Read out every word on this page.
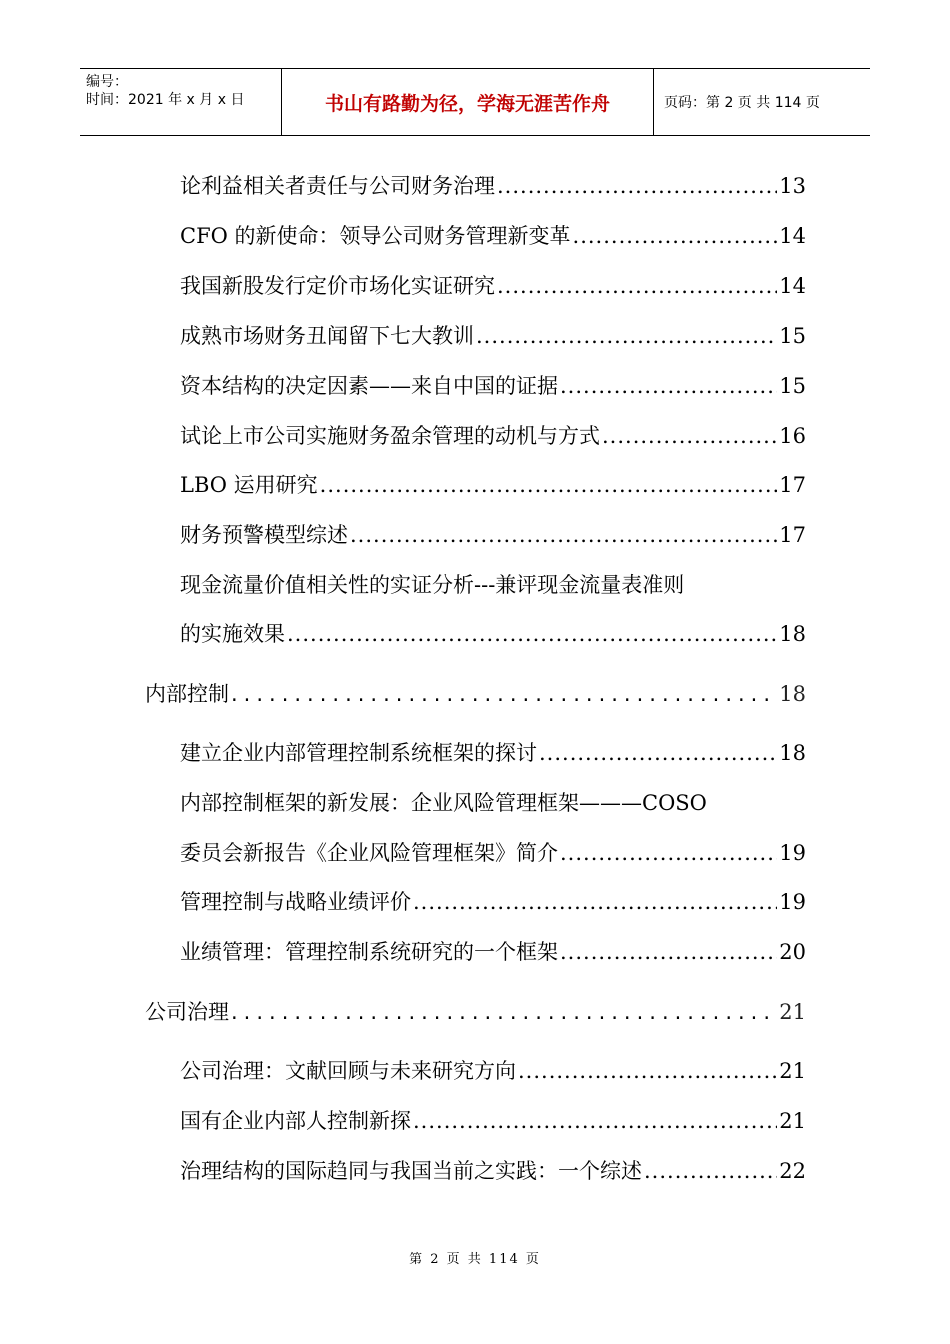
编号：
时间：2021 年 x 月 x 日	书山有路勤为径，学海无涯苦作舟	页码：第 2 页 共 114 页
论利益相关者责任与公司财务治理 .....	13
CFO 的新使命：领导公司财务管理新变革 .....	14
我国新股发行定价市场化实证研究 .....	14
成熟市场财务丑闻留下七大教训 .....	15
资本结构的决定因素——来自中国的证据 .....	15
试论上市公司实施财务盈余管理的动机与方式 .....	16
LBO 运用研究 .....	17
财务预警模型综述 .....	17
现金流量价值相关性的实证分析---兼评现金流量表准则
的实施效果 .....	18
内部控制 .....	18
建立企业内部管理控制系统框架的探讨 .....	18
内部控制框架的新发展：企业风险管理框架———COSO
委员会新报告《企业风险管理框架》简介 .....	19
管理控制与战略业绩评价 .....	19
业绩管理：管理控制系统研究的一个框架 .....	20
公司治理 .....	21
公司治理：文献回顾与未来研究方向 .....	21
国有企业内部人控制新探 .....	21
治理结构的国际趋同与我国当前之实践：一个综述 .....	22
第 2 页 共 114 页
